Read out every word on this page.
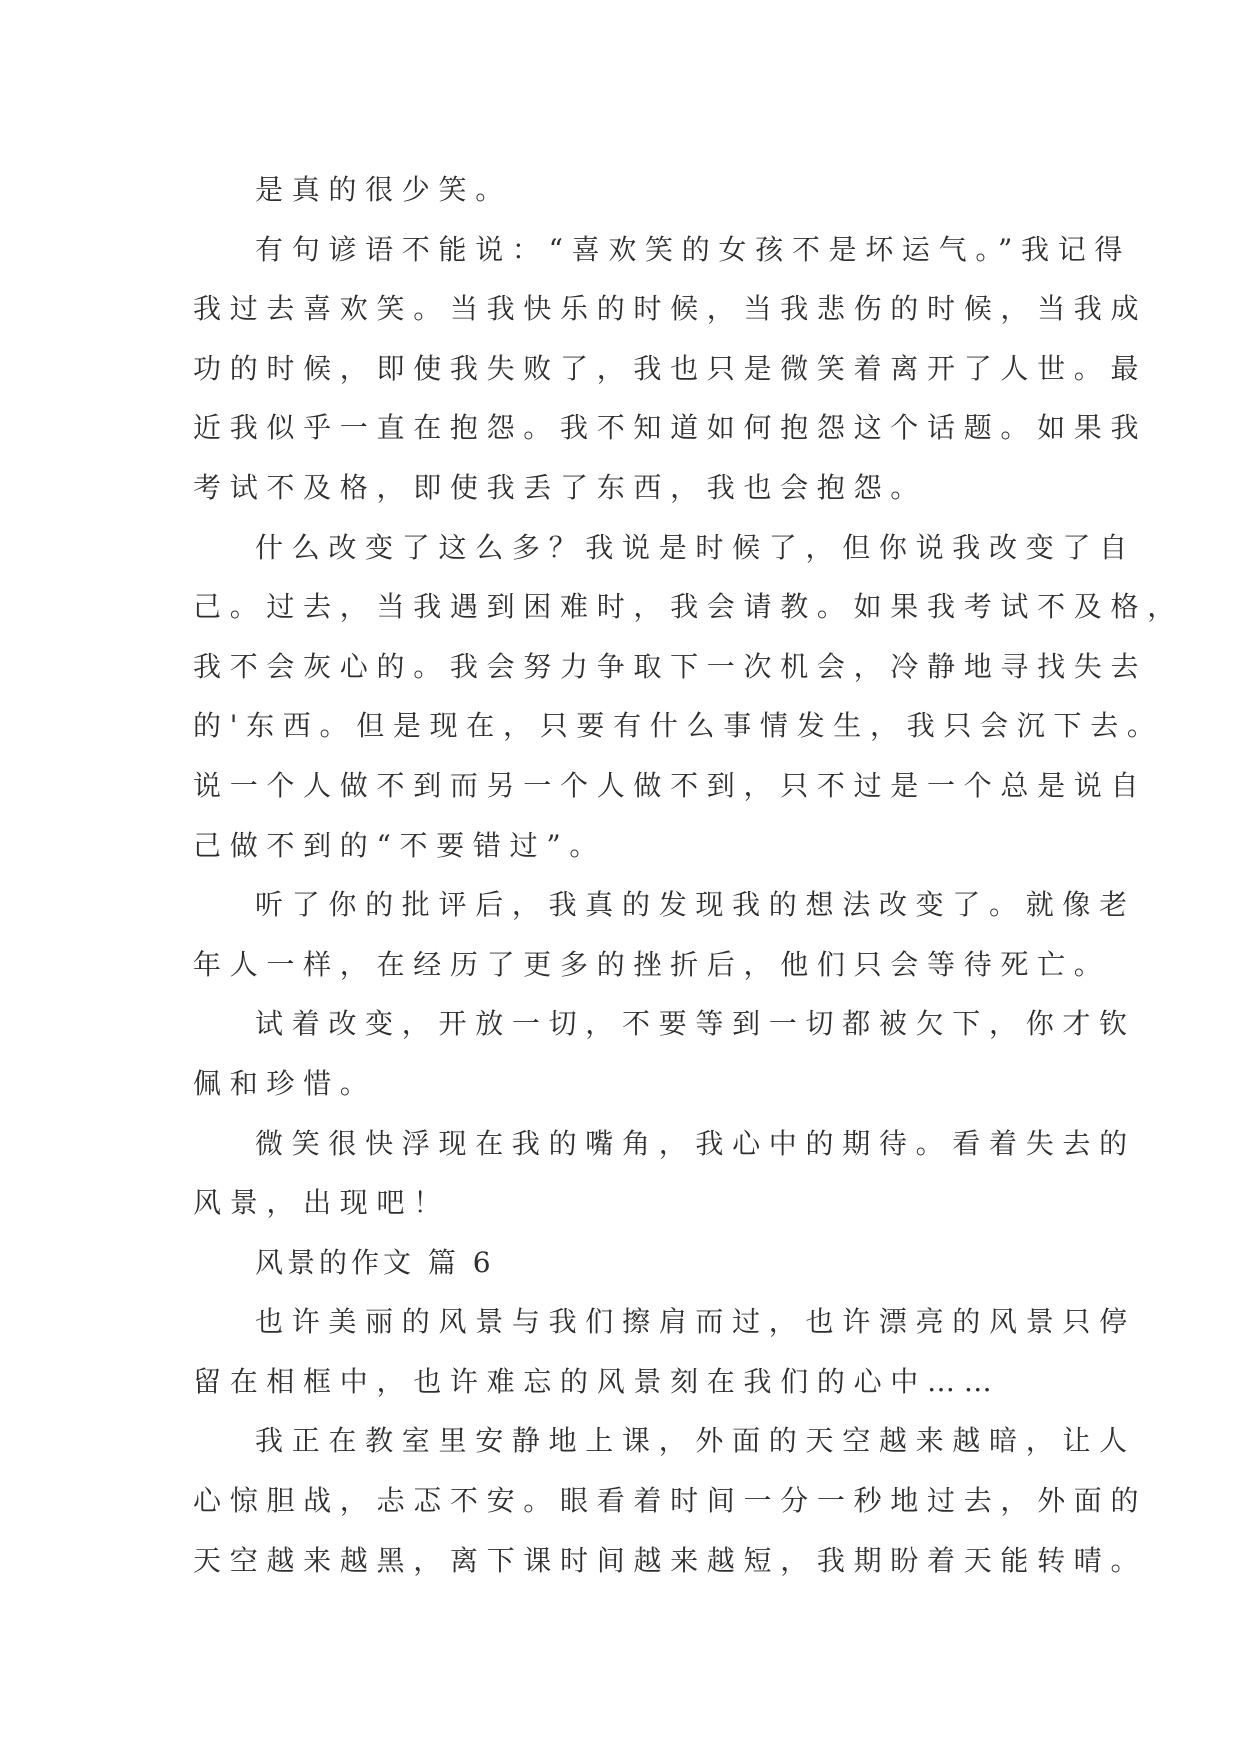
是真的很少笑。
有句谚语不能说：“喜欢笑的女孩不是坏运气。”我记得
我过去喜欢笑。当我快乐的时候，当我悲伤的时候，当我成
功的时候，即使我失败了，我也只是微笑着离开了人世。最
近我似乎一直在抱怨。我不知道如何抱怨这个话题。如果我
考试不及格，即使我丢了东西，我也会抱怨。
什么改变了这么多？我说是时候了，但你说我改变了自
己。过去，当我遇到困难时，我会请教。如果我考试不及格，
我不会灰心的。我会努力争取下一次机会，冷静地寻找失去
的'东西。但是现在，只要有什么事情发生，我只会沉下去。
说一个人做不到而另一个人做不到，只不过是一个总是说自
己做不到的“不要错过”。
听了你的批评后，我真的发现我的想法改变了。就像老
年人一样，在经历了更多的挫折后，他们只会等待死亡。
试着改变，开放一切，不要等到一切都被欠下，你才钦
佩和珍惜。
微笑很快浮现在我的嘴角，我心中的期待。看着失去的
风景，出现吧！
风景的作文 篇 6
也许美丽的风景与我们擦肩而过，也许漂亮的风景只停
留在相框中，也许难忘的风景刻在我们的心中……
我正在教室里安静地上课，外面的天空越来越暗，让人
心惊胆战，忐忑不安。眼看着时间一分一秒地过去，外面的
天空越来越黑，离下课时间越来越短，我期盼着天能转晴。
